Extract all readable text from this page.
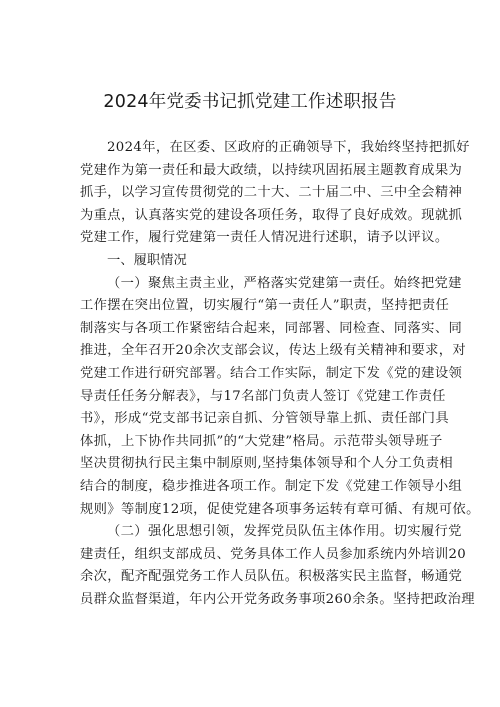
2024年党委书记抓党建工作述职报告
2024年，在区委、区政府的正确领导下，我始终坚持把抓好
党建作为第一责任和最大政绩，以持续巩固拓展主题教育成果为
抓手，以学习宣传贯彻党的二十大、二十届二中、三中全会精神
为重点，认真落实党的建设各项任务，取得了良好成效。现就抓
党建工作，履行党建第一责任人情况进行述职，请予以评议。
一、履职情况
（一）聚焦主责主业，严格落实党建第一责任。始终把党建
工作摆在突出位置，切实履行“第一责任人”职责，坚持把责任
制落实与各项工作紧密结合起来，同部署、同检查、同落实、同
推进，全年召开20余次支部会议，传达上级有关精神和要求，对
党建工作进行研究部署。结合工作实际，制定下发《党的建设领
导责任任务分解表》，与17名部门负责人签订《党建工作责任
书》，形成“党支部书记亲自抓、分管领导靠上抓、责任部门具
体抓，上下协作共同抓”的“大党建”格局。示范带头领导班子
坚决贯彻执行民主集中制原则,坚持集体领导和个人分工负责相
结合的制度，稳步推进各项工作。制定下发《党建工作领导小组
规则》等制度12项，促使党建各项事务运转有章可循、有规可依。
（二）强化思想引领，发挥党员队伍主体作用。切实履行党
建责任，组织支部成员、党务具体工作人员参加系统内外培训20
余次，配齐配强党务工作人员队伍。积极落实民主监督，畅通党
员群众监督渠道，年内公开党务政务事项260余条。坚持把政治理
